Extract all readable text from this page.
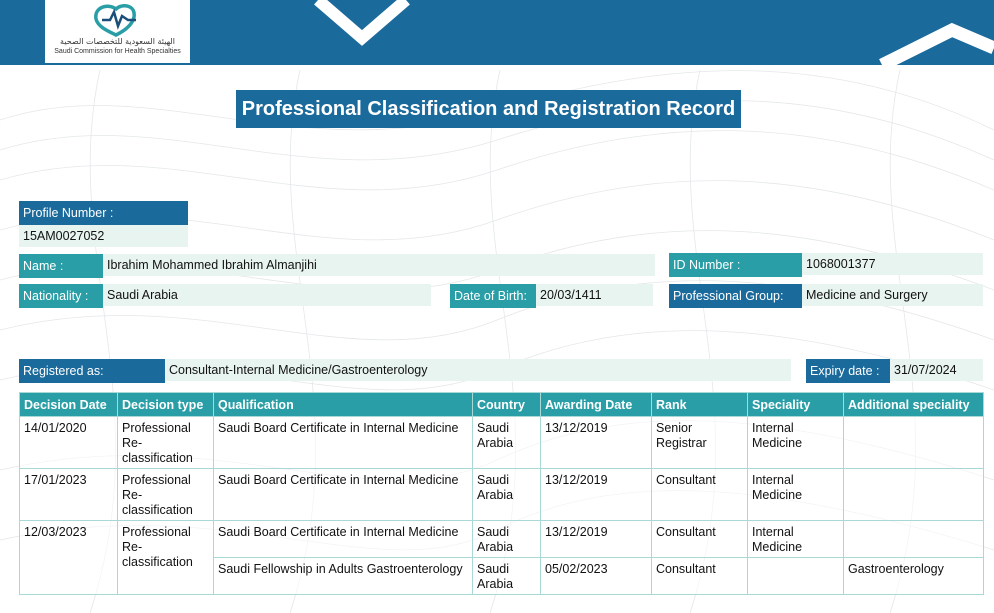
الهيئة السعودية للتخصصات الصحية
Saudi Commission for Health Specialties
Professional Classification and Registration Record
Profile Number :
15AM0027052
Name :	Ibrahim Mohammed Ibrahim Almanjihi	ID Number :	1068001377
Nationality :	Saudi Arabia	Date of Birth:	20/03/1411	Professional Group:	Medicine and Surgery
Registered as:	Consultant-Internal Medicine/Gastroenterology	Expiry date :	31/07/2024
Decision Date	Decision type	Qualification	Country	Awarding Date	Rank	Speciality	Additional speciality
14/01/2020	Professional Re-classification	Saudi Board Certificate in Internal Medicine	Saudi Arabia	13/12/2019	Senior Registrar	Internal Medicine	
17/01/2023	Professional Re-classification	Saudi Board Certificate in Internal Medicine	Saudi Arabia	13/12/2019	Consultant	Internal Medicine	
12/03/2023	Professional Re-classification	Saudi Board Certificate in Internal Medicine	Saudi Arabia	13/12/2019	Consultant	Internal Medicine	
		Saudi Fellowship in Adults Gastroenterology	Saudi Arabia	05/02/2023	Consultant		Gastroenterology
